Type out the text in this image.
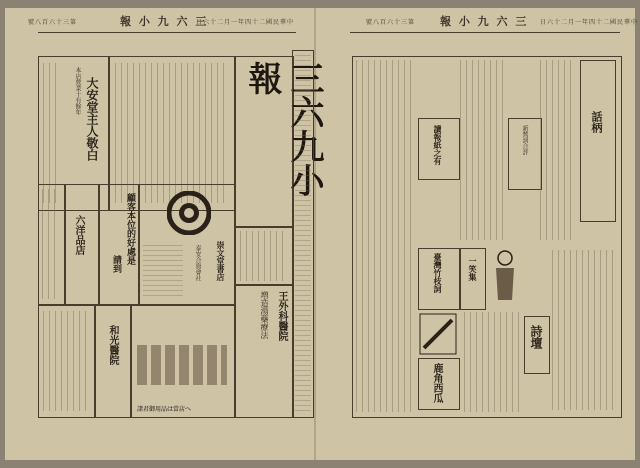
報 小 九 六 三
號八百六十三第	日六十二月一年四十二國民華中
大安堂主人敬白
本店營業十有餘年	三六九小報
六洋品店	顧客本位的好處是
請到	崇文堂書店
泰安合資會社
和光醫院
諸君御用品は當店へ
王外科醫院
増造湯藥療法
報 小 九 六 三
號八百六十三第	日六十二月一年四十二國民華中
讀報紙之有	新鷲詞合評
話柄
臺灣竹枝詞	一笑集
鹿角西瓜
詩壇
